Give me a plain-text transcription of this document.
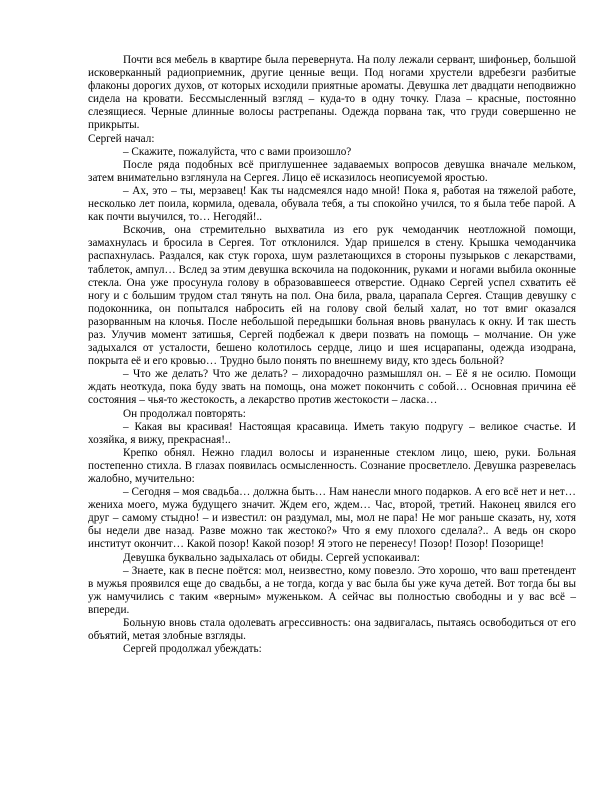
Почти вся мебель в квартире была перевернута. На полу лежали сервант, шифоньер, большой исковерканный радиоприемник, другие ценные вещи. Под ногами хрустели вдребезги разбитые флаконы дорогих духов, от которых исходили приятные ароматы. Девушка лет двадцати неподвижно сидела на кровати. Бессмысленный взгляд – куда-то в одну точку. Глаза – красные, постоянно слезящиеся. Черные длинные волосы растрепаны. Одежда порвана так, что груди совершенно не прикрыты.

Сергей начал:

– Скажите, пожалуйста, что с вами произошло?

После ряда подобных всё приглушеннее задаваемых вопросов девушка вначале мельком, затем внимательно взглянула на Сергея. Лицо её исказилось неописуемой яростью.

– Ах, это – ты, мерзавец! Как ты надсмеялся надо мной! Пока я, работая на тяжелой работе, несколько лет поила, кормила, одевала, обувала тебя, а ты спокойно учился, то я была тебе парой. А как почти выучился, то… Негодяй!..

Вскочив, она стремительно выхватила из его рук чемоданчик неотложной помощи, замахнулась и бросила в Сергея. Тот отклонился. Удар пришелся в стену. Крышка чемоданчика распахнулась. Раздался, как стук гороха, шум разлетающихся в стороны пузырьков с лекарствами, таблеток, ампул… Вслед за этим девушка вскочила на подоконник, руками и ногами выбила оконные стекла. Она уже просунула голову в образовавшееся отверстие. Однако Сергей успел схватить её ногу и с большим трудом стал тянуть на пол. Она била, рвала, царапала Сергея. Стащив девушку с подоконника, он попытался набросить ей на голову свой белый халат, но тот вмиг оказался разорванным на клочья. После небольшой передышки больная вновь рванулась к окну. И так шесть раз. Улучив момент затишья, Сергей подбежал к двери позвать на помощь – молчание. Он уже задыхался от усталости, бешено колотилось сердце, лицо и шея исцарапаны, одежда изодрана, покрыта её и его кровью… Трудно было понять по внешнему виду, кто здесь больной?

– Что же делать? Что же делать? – лихорадочно размышлял он. – Её я не осилю. Помощи ждать неоткуда, пока буду звать на помощь, она может покончить с собой… Основная причина её состояния – чья-то жестокость, а лекарство против жестокости – ласка…

Он продолжал повторять:

– Какая вы красивая! Настоящая красавица. Иметь такую подругу – великое счастье. И хозяйка, я вижу, прекрасная!..

Крепко обнял. Нежно гладил волосы и израненные стеклом лицо, шею, руки. Больная постепенно стихла. В глазах появилась осмысленность. Сознание просветлело. Девушка разревелась жалобно, мучительно:

– Сегодня – моя свадьба… должна быть… Нам нанесли много подарков. А его всё нет и нет… жениха моего, мужа будущего значит. Ждем его, ждем… Час, второй, третий. Наконец явился его друг – самому стыдно! – и известил: он раздумал, мы, мол не пара! Не мог раньше сказать, ну, хотя бы недели две назад. Разве можно так жестоко?» Что я ему плохого сделала?.. А ведь он скоро институт окончит… Какой позор! Какой позор! Я этого не перенесу! Позор! Позор! Позорище!

Девушка буквально задыхалась от обиды. Сергей успокаивал:

– Знаете, как в песне поётся: мол, неизвестно, кому повезло. Это хорошо, что ваш претендент в мужья проявился еще до свадьбы, а не тогда, когда у вас была бы уже куча детей. Вот тогда бы вы уж намучились с таким «верным» муженьком. А сейчас вы полностью свободны и у вас всё – впереди.

Больную вновь стала одолевать агрессивность: она задвигалась, пытаясь освободиться от его объятий, метая злобные взгляды.

Сергей продолжал убеждать:
